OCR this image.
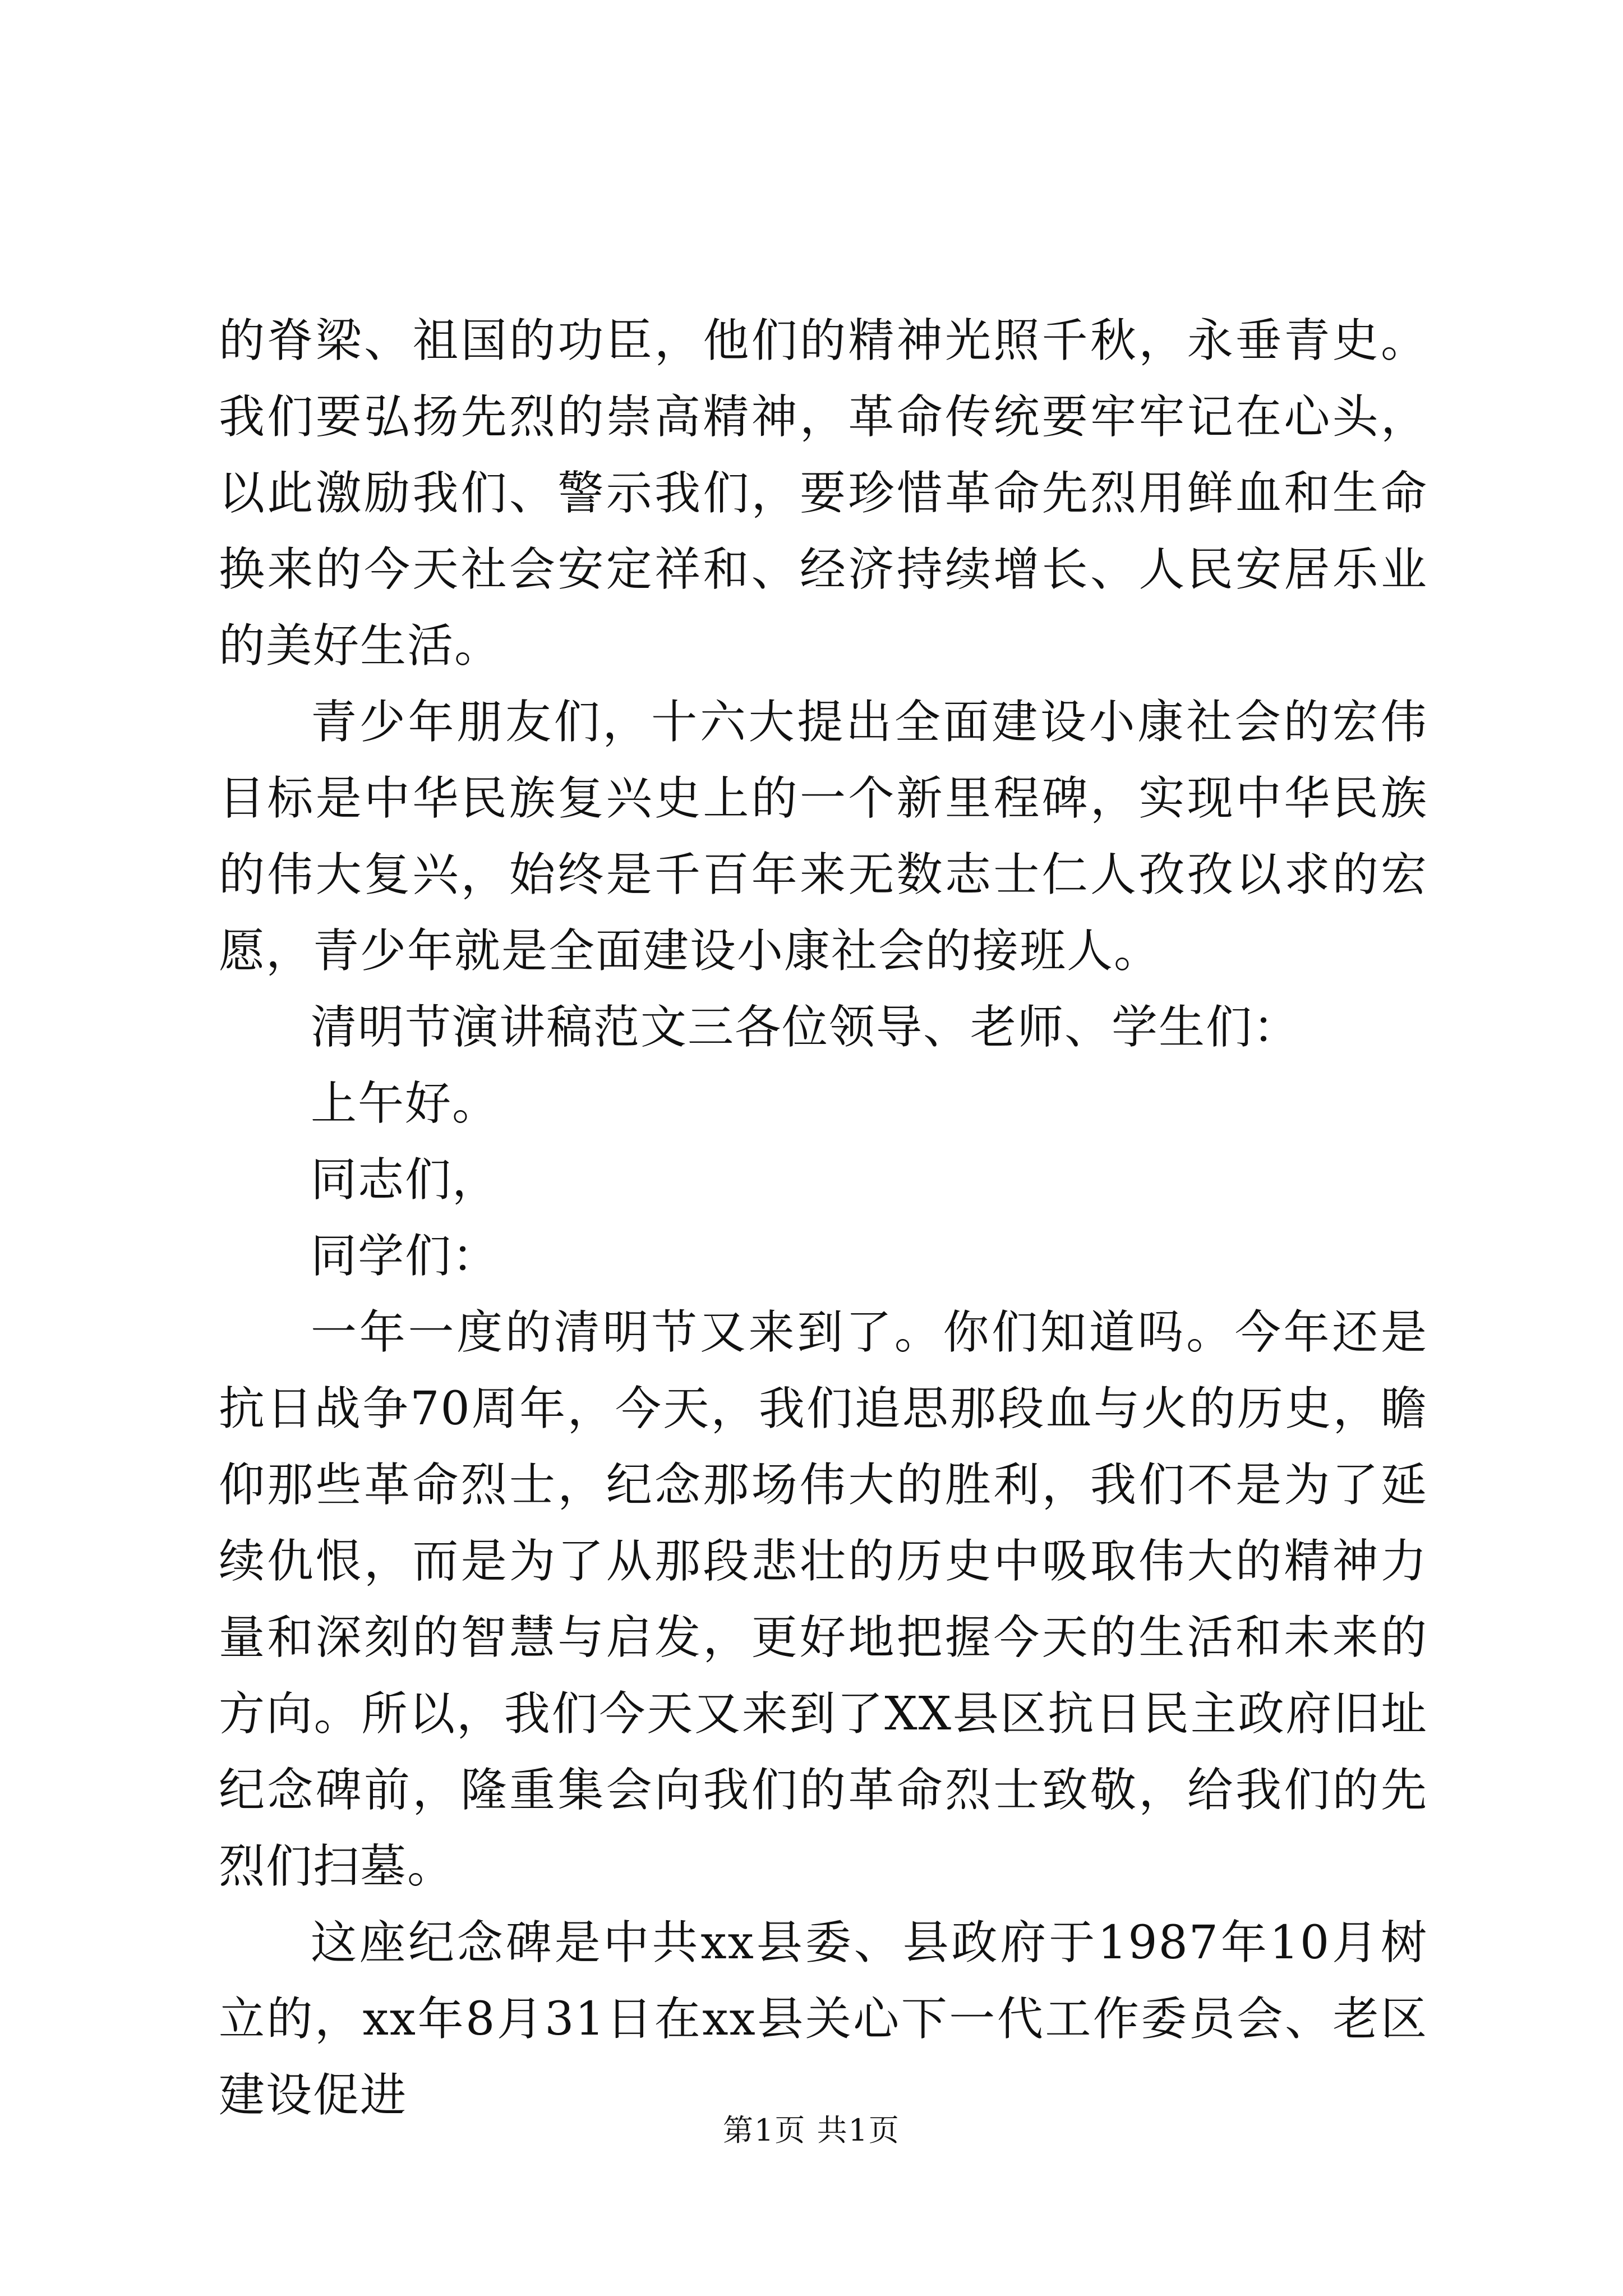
的脊梁、祖国的功臣，他们的精神光照千秋，永垂青史。我们要弘扬先烈的崇高精神，革命传统要牢牢记在心头，以此激励我们、警示我们，要珍惜革命先烈用鲜血和生命换来的今天社会安定祥和、经济持续增长、人民安居乐业的美好生活。

青少年朋友们，十六大提出全面建设小康社会的宏伟目标是中华民族复兴史上的一个新里程碑，实现中华民族的伟大复兴，始终是千百年来无数志士仁人孜孜以求的宏愿，青少年就是全面建设小康社会的接班人。

清明节演讲稿范文三各位领导、老师、学生们：

上午好。

同志们，

同学们：

一年一度的清明节又来到了。你们知道吗。今年还是抗日战争70周年，今天，我们追思那段血与火的历史，瞻仰那些革命烈士，纪念那场伟大的胜利，我们不是为了延续仇恨，而是为了从那段悲壮的历史中吸取伟大的精神力量和深刻的智慧与启发，更好地把握今天的生活和未来的方向。所以，我们今天又来到了XX县区抗日民主政府旧址纪念碑前，隆重集会向我们的革命烈士致敬，给我们的先烈们扫墓。

这座纪念碑是中共xx县委、县政府于1987年10月树立的，xx年8月31日在xx县关心下一代工作委员会、老区建设促进

第1页 共1页
